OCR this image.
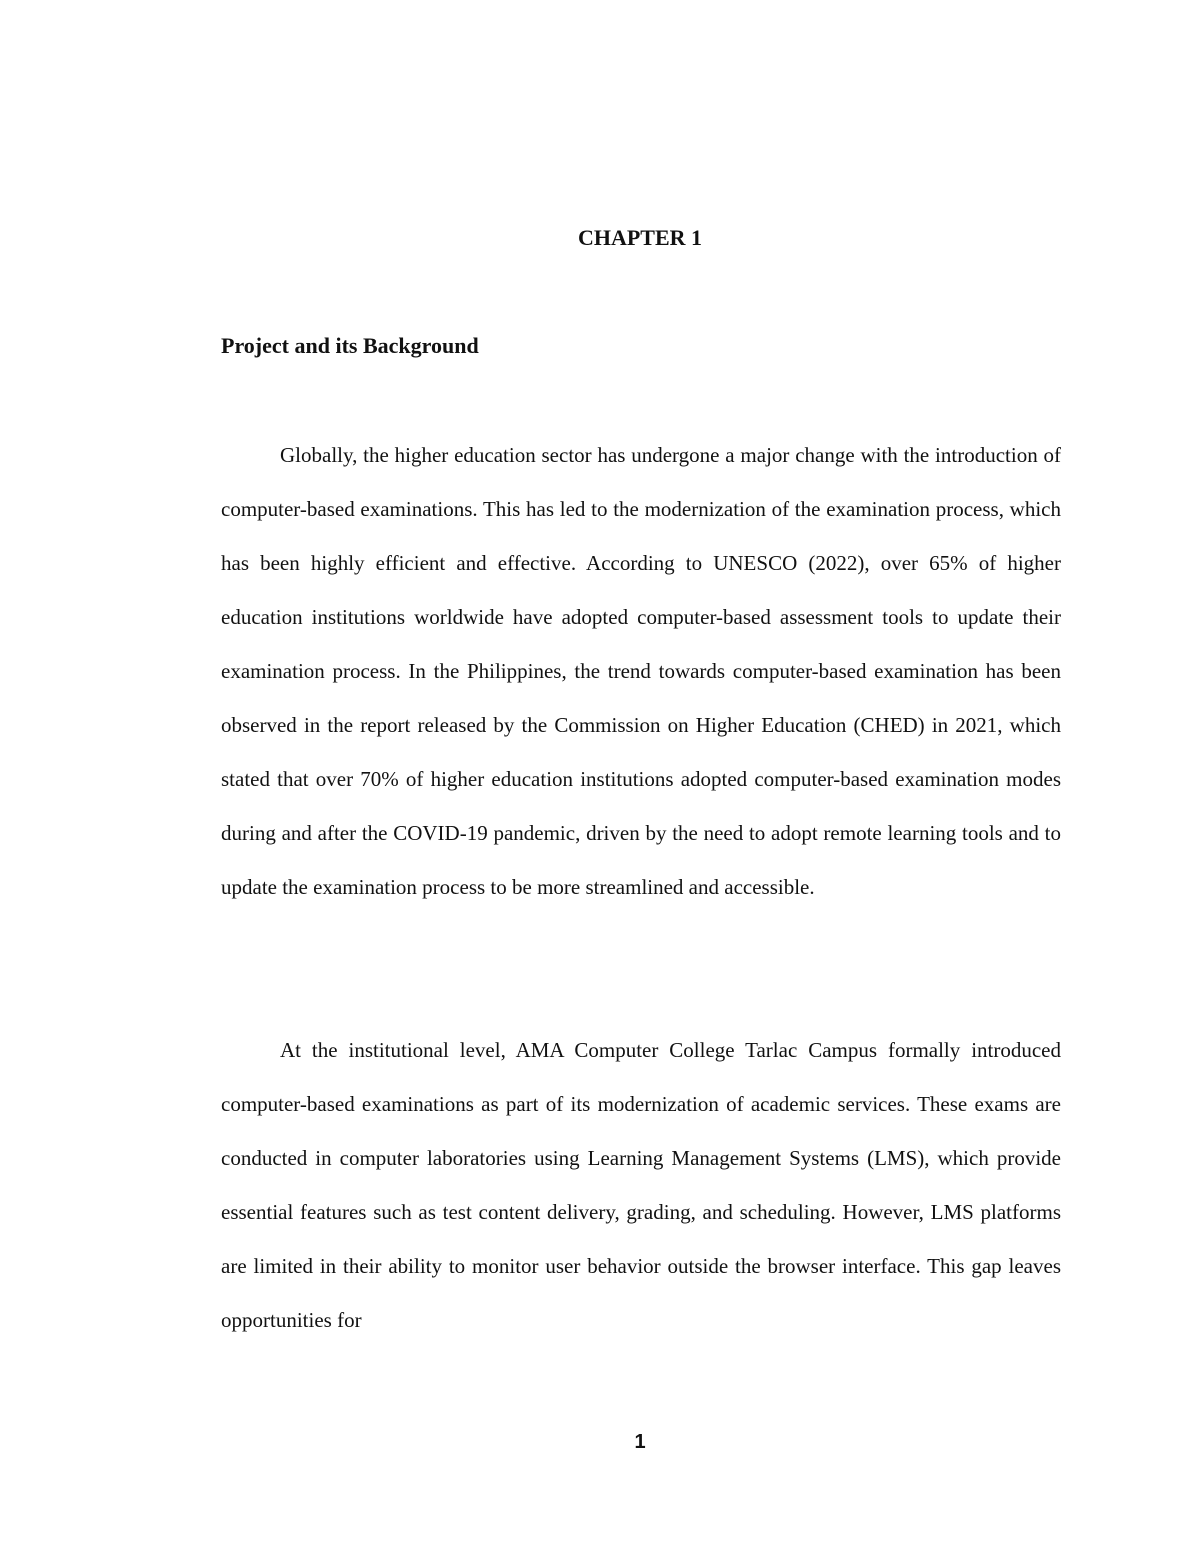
CHAPTER 1
Project and its Background

Globally, the higher education sector has undergone a major change with the introduction of computer-based examinations. This has led to the modernization of the examination process, which has been highly efficient and effective. According to UNESCO (2022), over 65% of higher education institutions worldwide have adopted computer-based assessment tools to update their examination process. In the Philippines, the trend towards computer-based examination has been observed in the report released by the Commission on Higher Education (CHED) in 2021, which stated that over 70% of higher education institutions adopted computer-based examination modes during and after the COVID-19 pandemic, driven by the need to adopt remote learning tools and to update the examination process to be more streamlined and accessible.

At the institutional level, AMA Computer College Tarlac Campus formally introduced computer-based examinations as part of its modernization of academic services. These exams are conducted in computer laboratories using Learning Management Systems (LMS), which provide essential features such as test content delivery, grading, and scheduling. However, LMS platforms are limited in their ability to monitor user behavior outside the browser interface. This gap leaves opportunities for

1
